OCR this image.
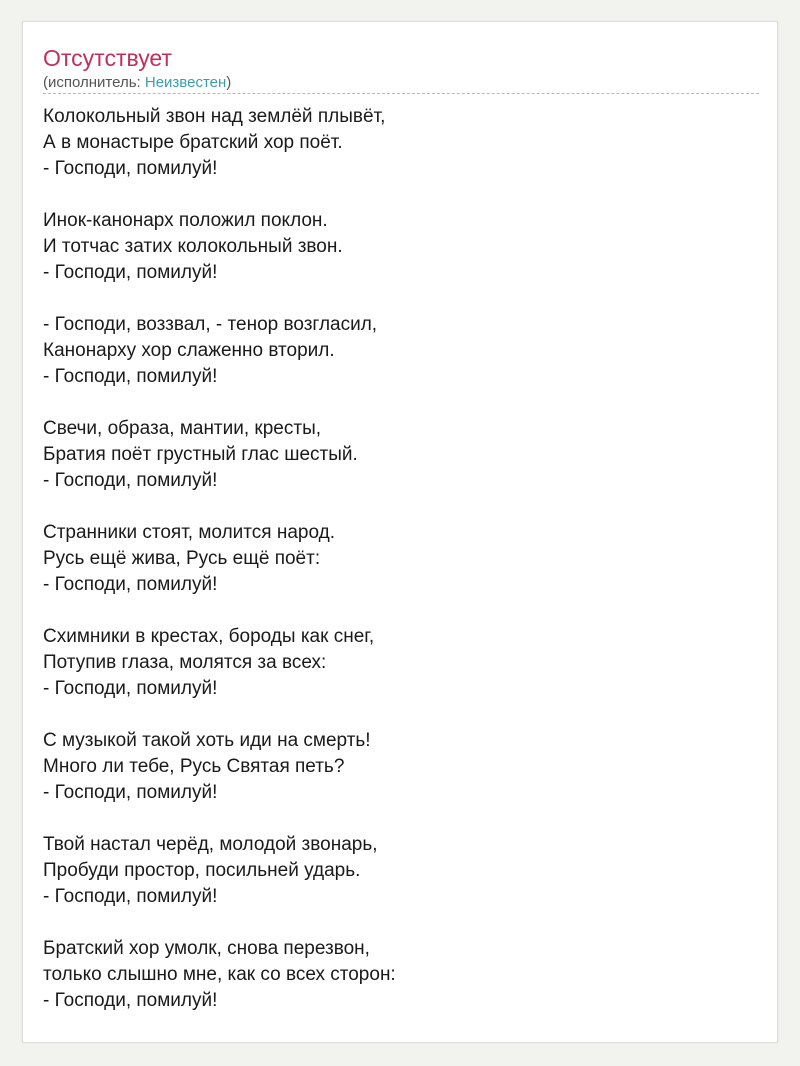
Отсутствует
(исполнитель: Неизвестен)
Колокольный звон над землёй плывёт,
А в монастыре братский хор поёт.
- Господи, помилуй!
Инок-канонарх положил поклон.
И тотчас затих колокольный звон.
- Господи, помилуй!
- Господи, воззвал, - тенор возгласил,
Канонарху хор слаженно вторил.
- Господи, помилуй!
Свечи, образа, мантии, кресты,
Братия поёт грустный глас шестый.
- Господи, помилуй!
Странники стоят, молится народ.
Русь ещё жива, Русь ещё поёт:
- Господи, помилуй!
Схимники в крестах, бороды как снег,
Потупив глаза, молятся за всех:
- Господи, помилуй!
С музыкой такой хоть иди на смерть!
Много ли тебе, Русь Святая петь?
- Господи, помилуй!
Твой настал черёд, молодой звонарь,
Пробуди простор, посильней ударь.
- Господи, помилуй!
Братский хор умолк, снова перезвон,
только слышно мне, как со всех сторон:
- Господи, помилуй!
